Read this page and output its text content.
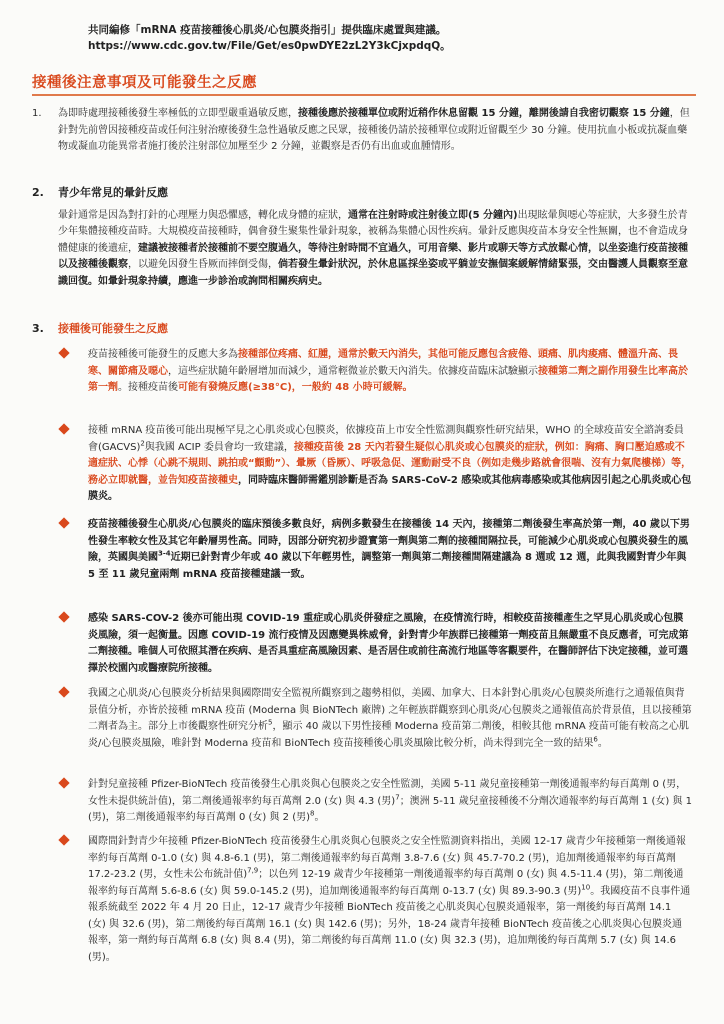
共同編修「mRNA 疫苗接種後心肌炎/心包膜炎指引」提供臨床處置與建議。
https://www.cdc.gov.tw/File/Get/es0pwDYE2zL2Y3kCjxpdqQ。
接種後注意事項及可能發生之反應
1. 為即時處理接種後發生率極低的立即型嚴重過敏反應，接種後應於接種單位或附近稍作休息留觀 15 分鐘，離開後請自我密切觀察 15 分鐘，但針對先前曾因接種疫苗或任何注射治療後發生急性過敏反應之民眾，接種後仍請於接種單位或附近留觀至少 30 分鐘。使用抗血小板或抗凝血藥物或凝血功能異常者施打後於注射部位加壓至少 2 分鐘，並觀察是否仍有出血或血腫情形。
2. 青少年常見的暈針反應
暈針通常是因為對打針的心理壓力與恐懼感，轉化成身體的症狀，通常在注射時或注射後立即(5 分鐘內)出現眩暈與噁心等症狀，大多發生於青少年集體接種疫苗時。大規模疫苗接種時，偶會發生聚集性暈針現象，被稱為集體心因性疾病。暈針反應與疫苗本身安全性無關，也不會造成身體健康的後遺症，建議被接種者於接種前不要空腹過久，等待注射時間不宜過久，可用音樂、影片或聊天等方式放鬆心情，以坐姿進行疫苗接種以及接種後觀察，以避免因發生昏厥而摔倒受傷，倘若發生暈針狀況，於休息區採坐姿或平躺並安撫個案緩解情緒緊張，交由醫護人員觀察至意識回復。如暈針現象持續，應進一步診治或詢問相關疾病史。
3. 接種後可能發生之反應
疫苗接種後可能發生的反應大多為接種部位疼痛、紅腫，通常於數天內消失，其他可能反應包含疲倦、頭痛、肌肉痠痛、體溫升高、畏寒、關節痛及噁心，這些症狀隨年齡層增加而減少，通常輕微並於數天內消失。依據疫苗臨床試驗顯示接種第二劑之副作用發生比率高於第一劑。接種疫苗後可能有發燒反應(≥38°C)，一般約 48 小時可緩解。
接種 mRNA 疫苗後可能出現極罕見之心肌炎或心包膜炎，依據疫苗上市安全性監測與觀察性研究結果，WHO 的全球疫苗安全諮詢委員會(GACVS)$^2$與我國 ACIP 委員會均一致建議，接種疫苗後 28 天內若發生疑似心肌炎或心包膜炎的症狀，例如：胸痛、胸口壓迫感或不適症狀、心悸（心跳不規則、跳拍或“顫動”）、暈厥（昏厥）、呼吸急促、運動耐受不良（例如走幾步路就會很喘、沒有力氣爬樓梯）等，務必立即就醫，並告知疫苗接種史，同時臨床醫師需鑑別診斷是否為 SARS-CoV-2 感染或其他病毒感染或其他病因引起之心肌炎或心包膜炎。
疫苗接種後發生心肌炎/心包膜炎的臨床預後多數良好，病例多數發生在接種後 14 天內，接種第二劑後發生率高於第一劑，40 歲以下男性發生率較女性及其它年齡層男性高。同時，因部分研究初步證實第一劑與第二劑的接種間隔拉長，可能減少心肌炎或心包膜炎發生的風險，英國與美國$^{3-4}$近期已針對青少年或 40 歲以下年輕男性，調整第一劑與第二劑接種間隔建議為 8 週或 12 週，此與我國對青少年與 5 至 11 歲兒童兩劑 mRNA 疫苗接種建議一致。
感染 SARS-COV-2 後亦可能出現 COVID-19 重症或心肌炎併發症之風險，在疫情流行時，相較疫苗接種產生之罕見心肌炎或心包膜炎風險，須一起衡量。因應 COVID-19 流行疫情及因應變異株威脅，針對青少年族群已接種第一劑疫苗且無嚴重不良反應者，可完成第二劑接種。唯個人可依照其潛在疾病、是否具重症高風險因素、是否居住或前往高流行地區等客觀要件，在醫師評估下決定接種，並可選擇於校園內或醫療院所接種。
我國之心肌炎/心包膜炎分析結果與國際間安全監視所觀察到之趨勢相似，美國、加拿大、日本針對心肌炎/心包膜炎所進行之通報值與背景值分析，亦皆於接種 mRNA 疫苗 (Moderna 與 BioNTech 廠牌) 之年輕族群觀察到心肌炎/心包膜炎之通報值高於背景值，且以接種第二劑者為主。部分上市後觀察性研究分析$^5$，顯示 40 歲以下男性接種 Moderna 疫苗第二劑後，相較其他 mRNA 疫苗可能有較高之心肌炎/心包膜炎風險，唯針對 Moderna 疫苗和 BioNTech 疫苗接種後心肌炎風險比較分析，尚未得到完全一致的結果$^6$。
針對兒童接種 Pfizer-BioNTech 疫苗後發生心肌炎與心包膜炎之安全性監測，美國 5-11 歲兒童接種第一劑後通報率約每百萬劑 0 (男，女性未提供統計值)，第二劑後通報率約每百萬劑 2.0 (女) 與 4.3 (男)$^7$；澳洲 5-11 歲兒童接種後不分劑次通報率約每百萬劑 1 (女) 與 1 (男)，第二劑後通報率約每百萬劑 0 (女) 與 2 (男)$^8$。
國際間針對青少年接種 Pfizer-BioNTech 疫苗後發生心肌炎與心包膜炎之安全性監測資料指出，美國 12-17 歲青少年接種第一劑後通報率約每百萬劑 0-1.0 (女) 與 4.8-6.1 (男)，第二劑後通報率約每百萬劑 3.8-7.6 (女) 與 45.7-70.2 (男)，追加劑後通報率約每百萬劑 17.2-23.2 (男，女性未公布統計值)$^{7,9}$；以色列 12-19 歲青少年接種第一劑後通報率約每百萬劑 0 (女) 與 4.5-11.4 (男)，第二劑後通報率約每百萬劑 5.6-8.6 (女) 與 59.0-145.2 (男)，追加劑後通報率約每百萬劑 0-13.7 (女) 與 89.3-90.3 (男)$^{10}$。我國疫苗不良事件通報系統截至 2022 年 4 月 20 日止，12-17 歲青少年接種 BioNTech 疫苗後之心肌炎與心包膜炎通報率，第一劑後約每百萬劑 14.1 (女) 與 32.6 (男)，第二劑後約每百萬劑 16.1 (女) 與 142.6 (男)；另外，18-24 歲青年接種 BioNTech 疫苗後之心肌炎與心包膜炎通報率，第一劑約每百萬劑 6.8 (女) 與 8.4 (男)，第二劑後約每百萬劑 11.0 (女) 與 32.3 (男)，追加劑後約每百萬劑 5.7 (女) 與 14.6 (男)。
